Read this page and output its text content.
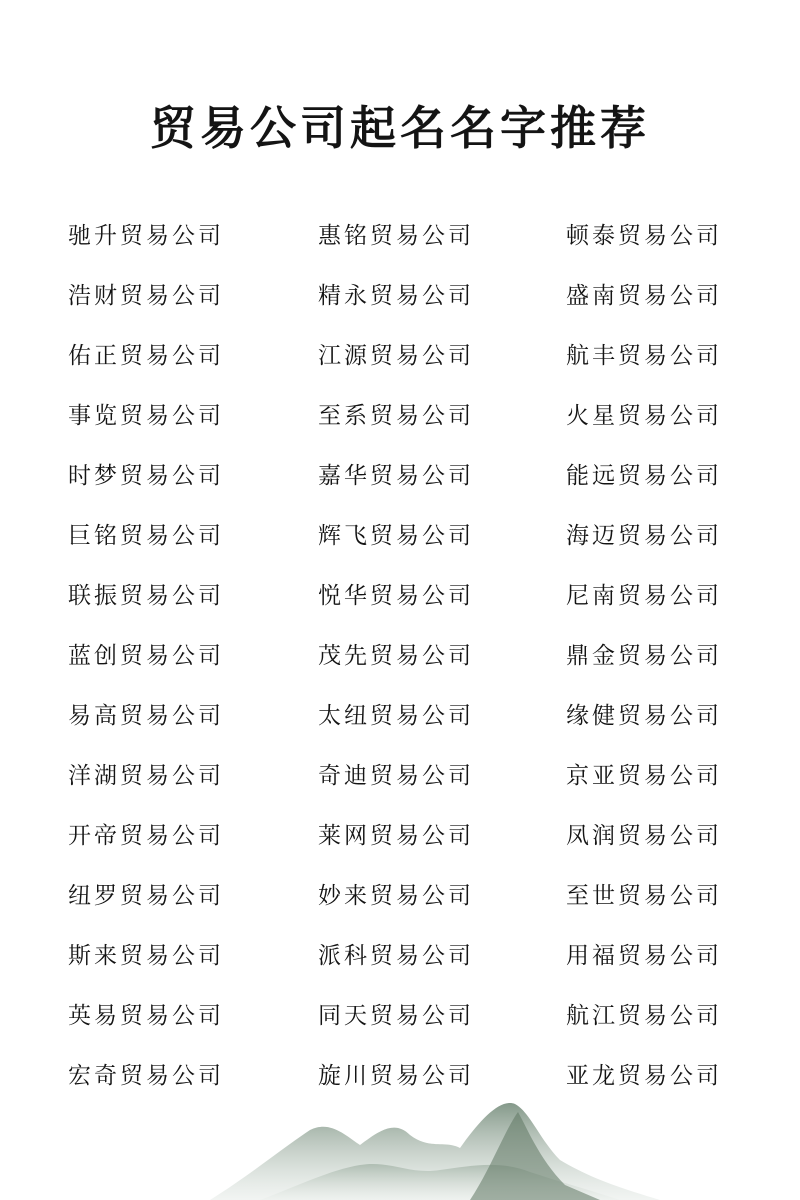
贸易公司起名名字推荐
驰升贸易公司
浩财贸易公司
佑正贸易公司
事览贸易公司
时梦贸易公司
巨铭贸易公司
联振贸易公司
蓝创贸易公司
易高贸易公司
洋湖贸易公司
开帝贸易公司
纽罗贸易公司
斯来贸易公司
英易贸易公司
宏奇贸易公司
惠铭贸易公司
精永贸易公司
江源贸易公司
至系贸易公司
嘉华贸易公司
辉飞贸易公司
悦华贸易公司
茂先贸易公司
太纽贸易公司
奇迪贸易公司
莱网贸易公司
妙来贸易公司
派科贸易公司
同天贸易公司
旋川贸易公司
顿泰贸易公司
盛南贸易公司
航丰贸易公司
火星贸易公司
能远贸易公司
海迈贸易公司
尼南贸易公司
鼎金贸易公司
缘健贸易公司
京亚贸易公司
凤润贸易公司
至世贸易公司
用福贸易公司
航江贸易公司
亚龙贸易公司
